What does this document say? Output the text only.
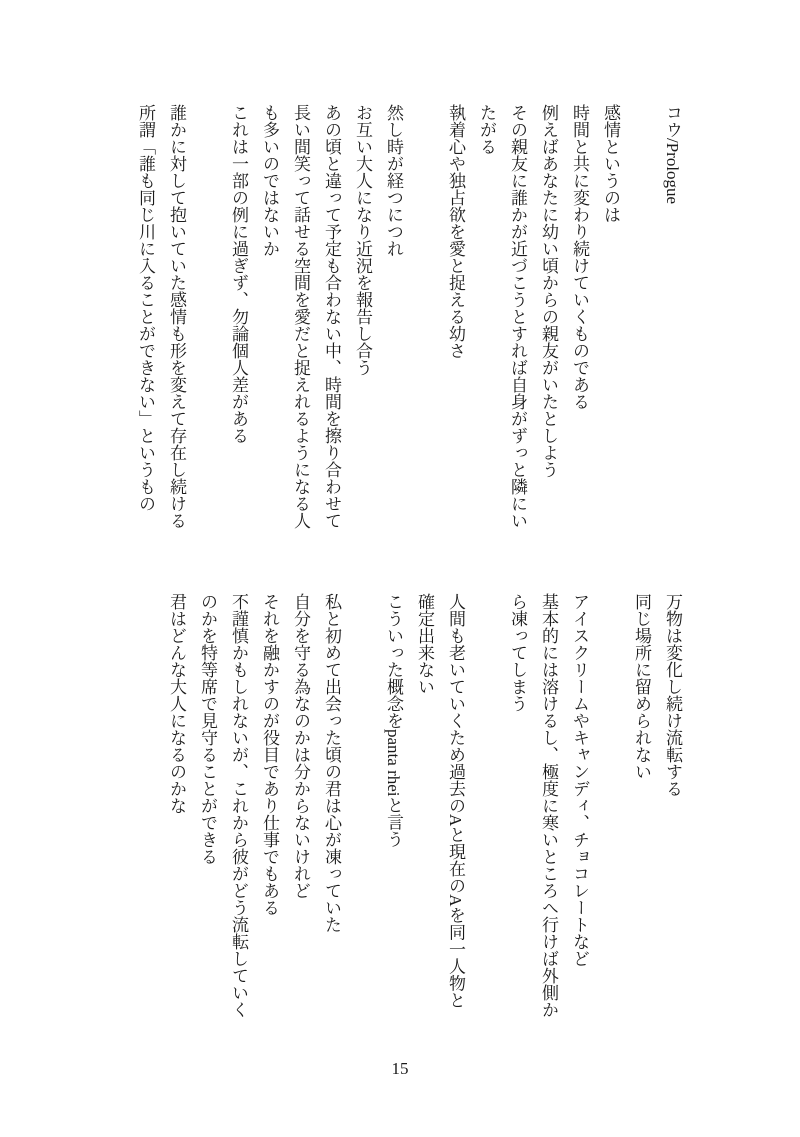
コウ/Prologue
感情というのは
時間と共に変わり続けていくものである
例えばあなたに幼い頃からの親友がいたとしよう
その親友に誰かが近づこうとすれば自身がずっと隣にい
たがる
執着心や独占欲を愛と捉える幼さ
然し時が経つにつれ
お互い大人になり近況を報告し合う
あの頃と違って予定も合わない中、時間を擦り合わせて
長い間笑って話せる空間を愛だと捉えれるようになる人
も多いのではないか
これは一部の例に過ぎず、勿論個人差がある
誰かに対して抱いていた感情も形を変えて存在し続ける
所謂「誰も同じ川に入ることができない」というもの
万物は変化し続け流転する
同じ場所に留められない
アイスクリームやキャンディ、チョコレートなど
基本的には溶けるし、極度に寒いところへ行けば外側か
ら凍ってしまう
人間も老いていくため過去のAと現在のAを同一人物と
確定出来ない
こういった概念をpanta rheiと言う
私と初めて出会った頃の君は心が凍っていた
自分を守る為なのかは分からないけれど
それを融かすのが役目であり仕事でもある
不謹慎かもしれないが、これから彼がどう流転していく
のかを特等席で見守ることができる
君はどんな大人になるのかな
15
